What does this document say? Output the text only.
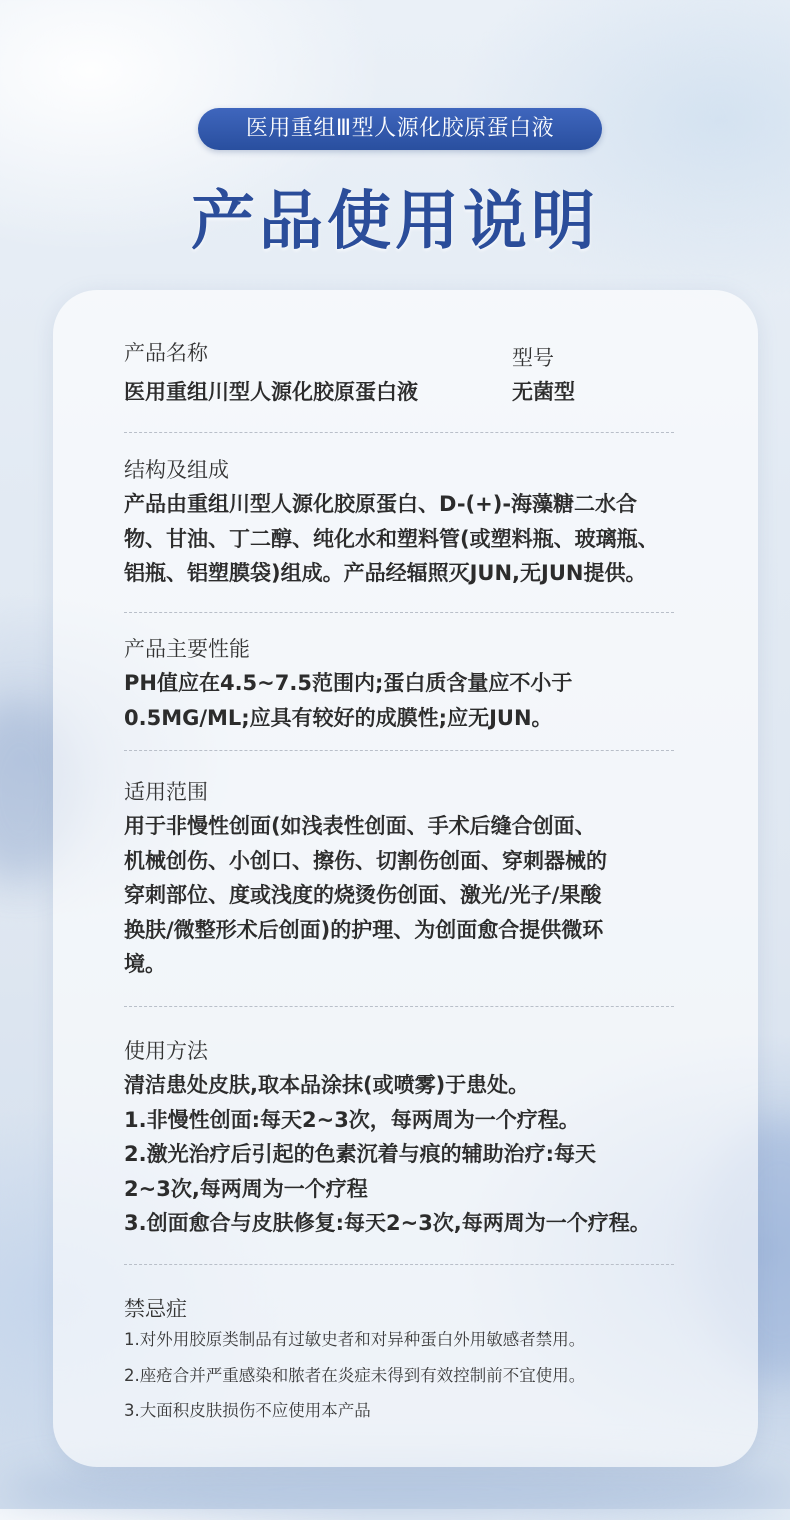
医用重组Ⅲ型人源化胶原蛋白液
产品使用说明
产品名称
医用重组川型人源化胶原蛋白液
型号
无菌型
结构及组成
产品由重组川型人源化胶原蛋白、D-(+)-海藻糖二水合
物、甘油、丁二醇、纯化水和塑料管(或塑料瓶、玻璃瓶、
铝瓶、铝塑膜袋)组成。产品经辐照灭JUN,无JUN提供。
产品主要性能
PH值应在4.5~7.5范围内;蛋白质含量应不小于
0.5MG/ML;应具有较好的成膜性;应无JUN。
适用范围
用于非慢性创面(如浅表性创面、手术后缝合创面、
机械创伤、小创口、擦伤、切割伤创面、穿刺器械的
穿刺部位、度或浅度的烧烫伤创面、激光/光子/果酸
换肤/微整形术后创面)的护理、为创面愈合提供微环
境。
使用方法
清洁患处皮肤,取本品涂抹(或喷雾)于患处。
1.非慢性创面:每天2~3次，每两周为一个疗程。
2.激光治疗后引起的色素沉着与痕的辅助治疗:每天
2~3次,每两周为一个疗程
3.创面愈合与皮肤修复:每天2~3次,每两周为一个疗程。
禁忌症
1.对外用胶原类制品有过敏史者和对异种蛋白外用敏感者禁用。
2.座疮合并严重感染和脓者在炎症未得到有效控制前不宜使用。
3.大面积皮肤损伤不应使用本产品
